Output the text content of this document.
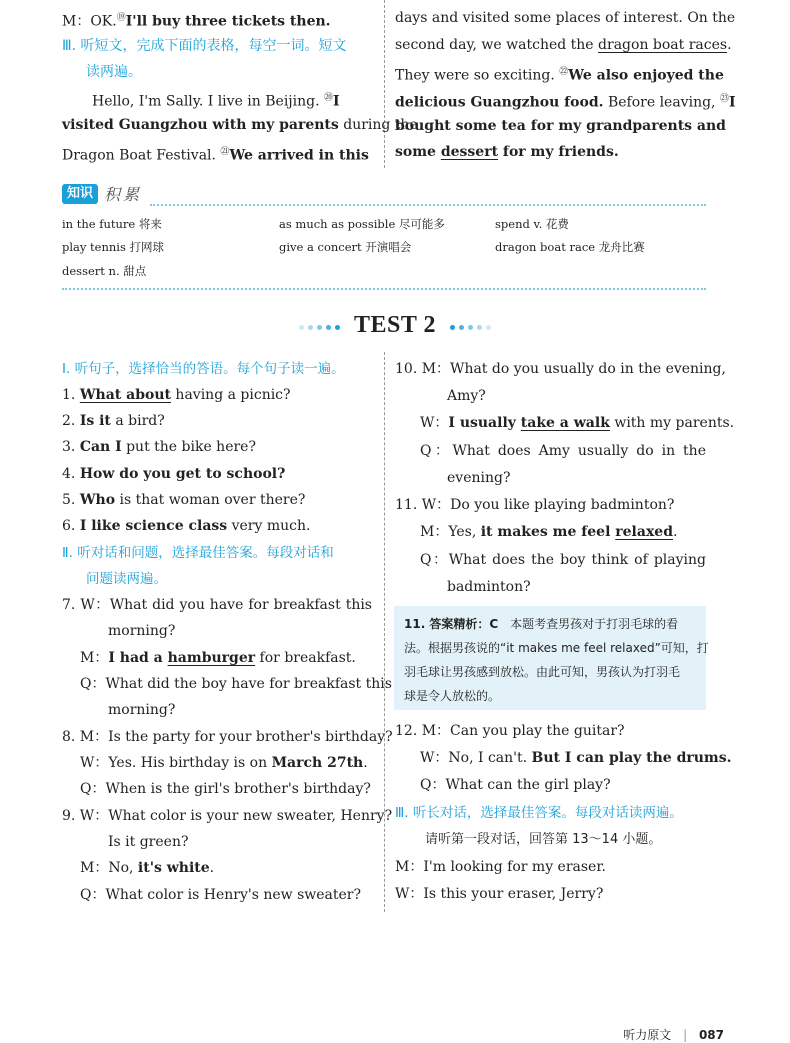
M：OK.⑲I'll buy three tickets then.
Ⅲ. 听短文，完成下面的表格，每空一词。短文
读两遍。
Hello, I'm Sally. I live in Beijing. ⑳I
visited Guangzhou with my parents during the
Dragon Boat Festival. $^㉑$We arrived in this
days and visited some places of interest. On the
second day, we watched the dragon boat races.
They were so exciting. $^㉒$We also enjoyed the
delicious Guangzhou food. Before leaving, $^㉓$I
bought some tea for my grandparents and
some dessert for my friends.
知识 积累
in the future 将来	as much as possible 尽可能多	spend v. 花费
play tennis 打网球	give a concert 开演唱会	dragon boat race 龙舟比赛
dessert n. 甜点
TEST 2
Ⅰ. 听句子，选择恰当的答语。每个句子读一遍。
1. What about having a picnic?
2. Is it a bird?
3. Can I put the bike here?
4. How do you get to school?
5. Who is that woman over there?
6. I like science class very much.
Ⅱ. 听对话和问题，选择最佳答案。每段对话和
问题读两遍。
7. W：What did you have for breakfast this
morning?
M：I had a hamburger for breakfast.
Q：What did the boy have for breakfast this
morning?
8. M：Is the party for your brother's birthday?
W：Yes. His birthday is on March 27th.
Q：When is the girl's brother's birthday?
9. W：What color is your new sweater, Henry?
Is it green?
M：No, it's white.
Q：What color is Henry's new sweater?
10. M：What do you usually do in the evening,
Amy?
W：I usually take a walk with my parents.
Q：What does Amy usually do in the
evening?
11. W：Do you like playing badminton?
M：Yes, it makes me feel relaxed.
Q：What does the boy think of playing
badminton?
11. 答案精析：C 本题考查男孩对于打羽毛球的看
法。根据男孩说的“it makes me feel relaxed”可知，打
羽毛球让男孩感到放松。由此可知，男孩认为打羽毛
球是令人放松的。
12. M：Can you play the guitar?
W：No, I can't. But I can play the drums.
Q：What can the girl play?
Ⅲ. 听长对话，选择最佳答案。每段对话读两遍。
请听第一段对话，回答第 13～14 小题。
M：I'm looking for my eraser.
W：Is this your eraser, Jerry?
听力原文 | 087
